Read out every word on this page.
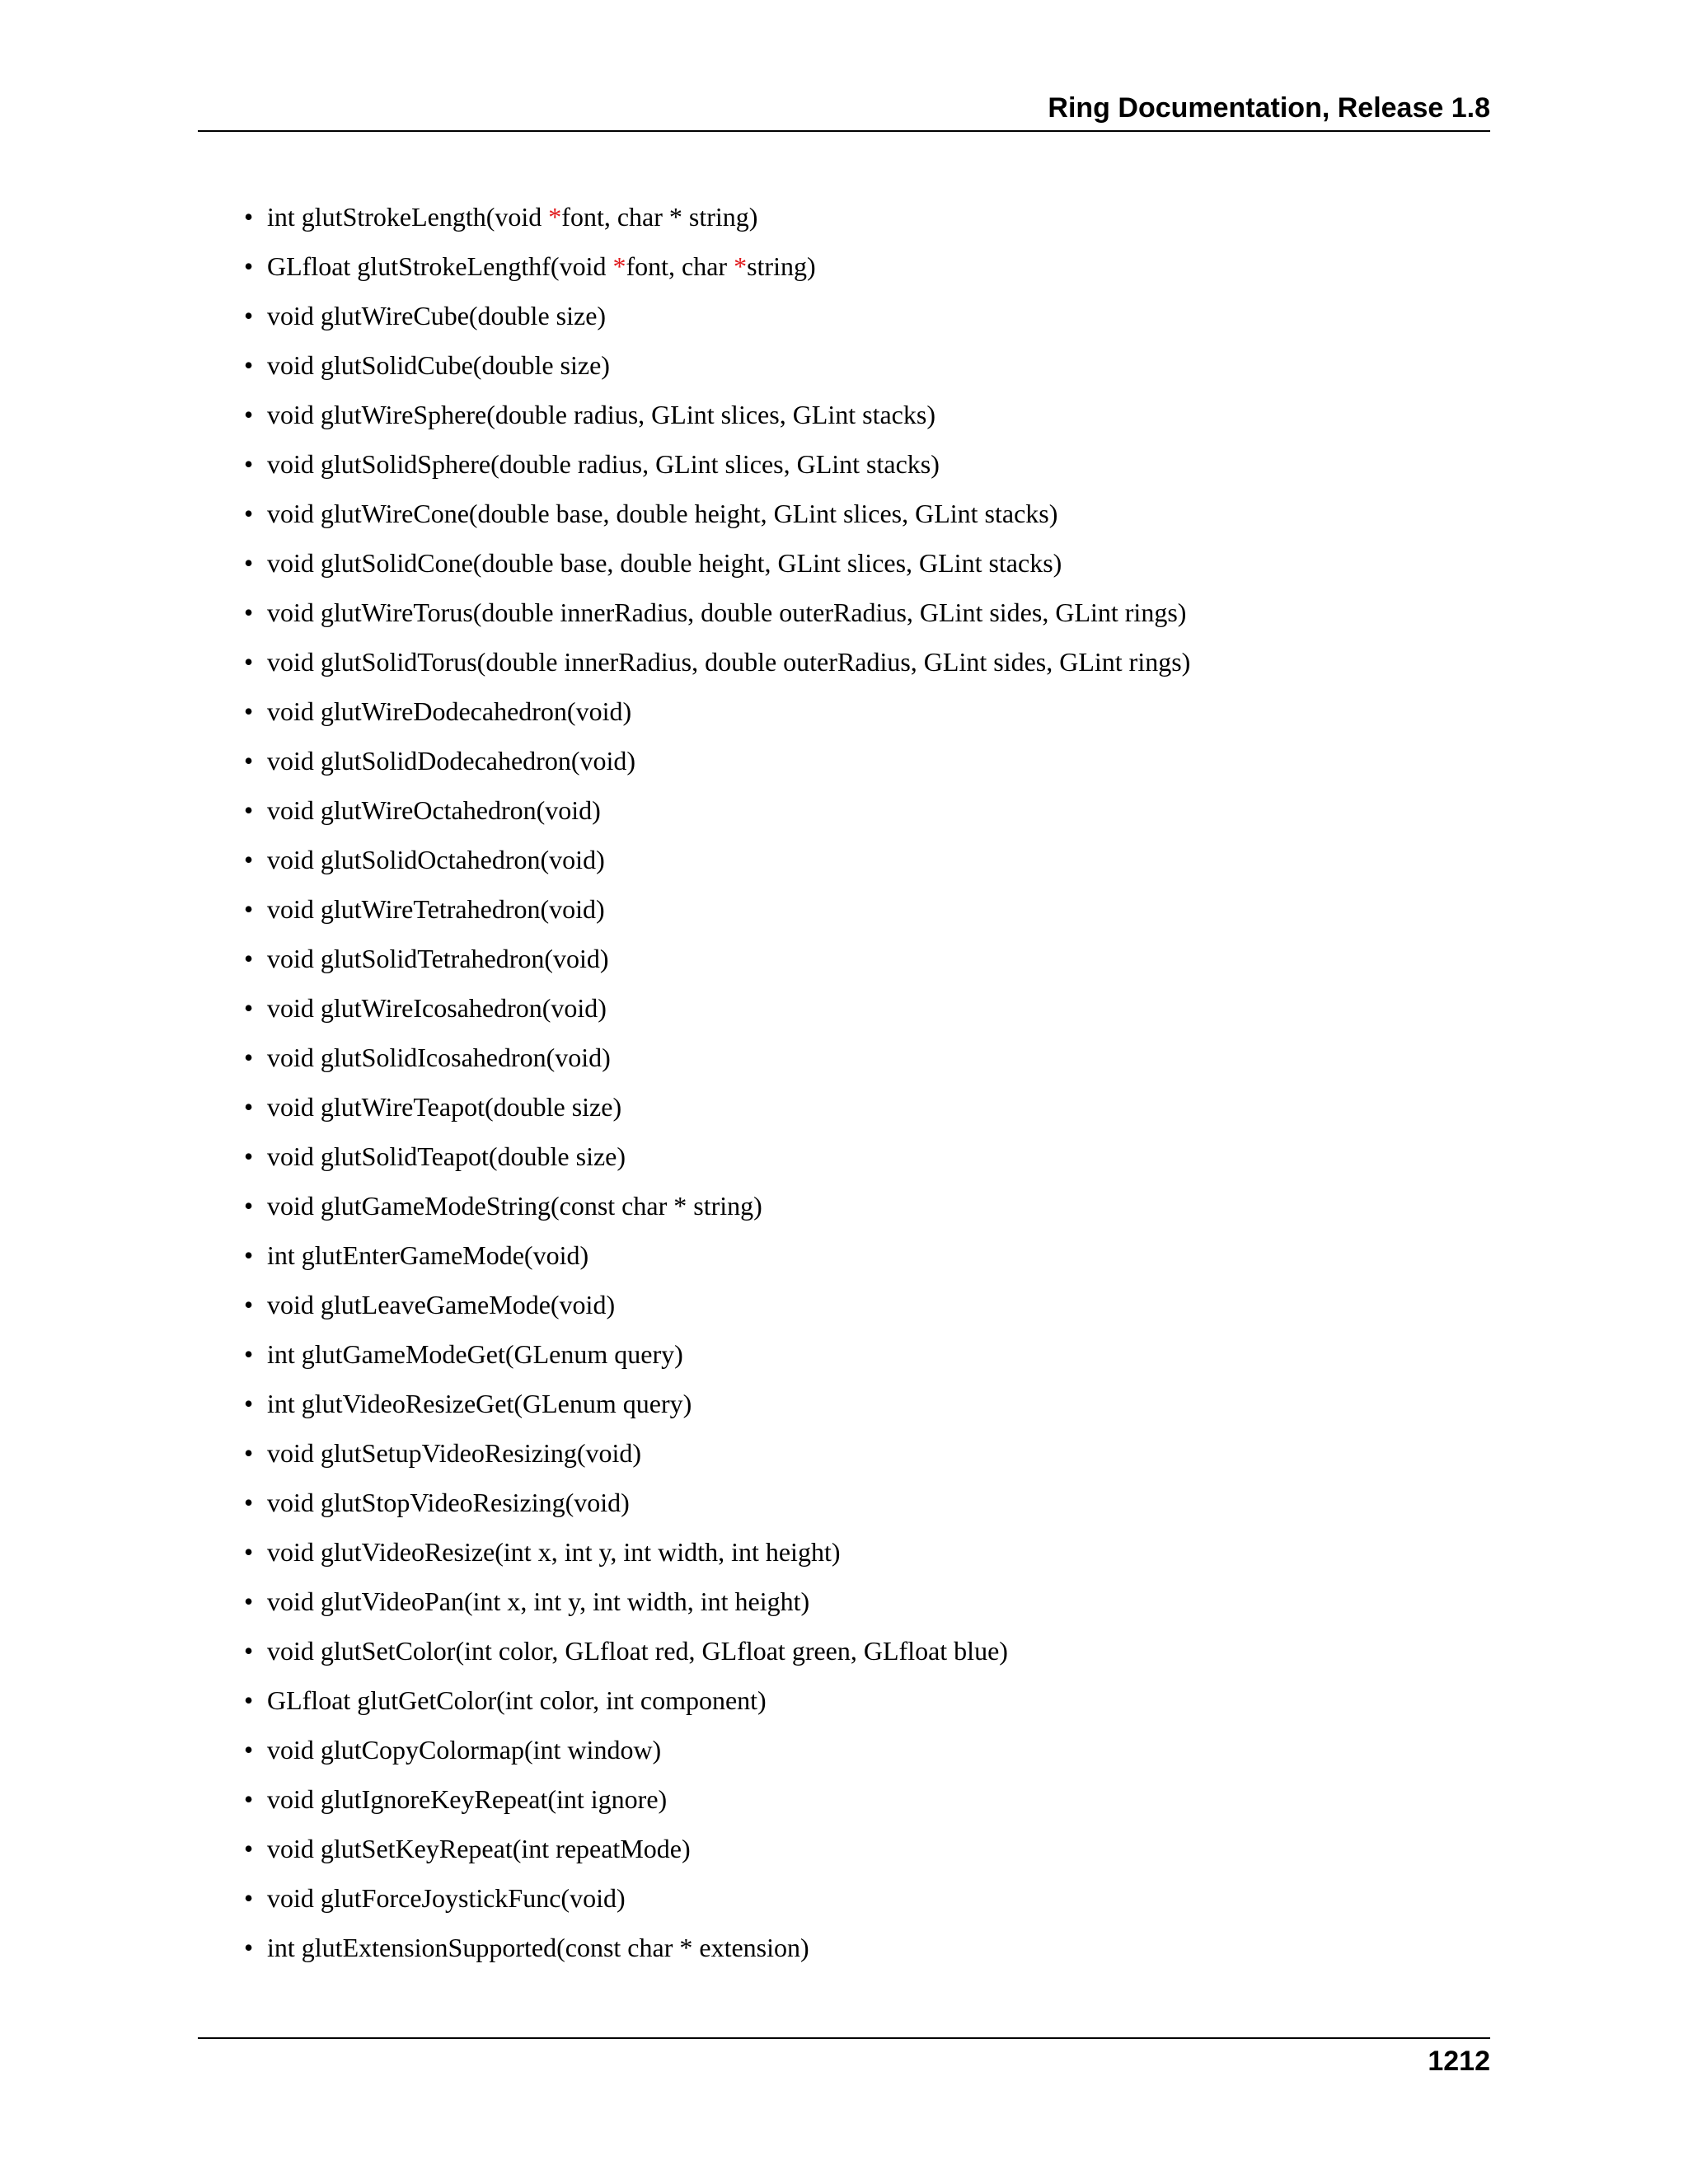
Ring Documentation, Release 1.8
• int glutStrokeLength(void *font, char * string)
• GLfloat glutStrokeLengthf(void *font, char *string)
• void glutWireCube(double size)
• void glutSolidCube(double size)
• void glutWireSphere(double radius, GLint slices, GLint stacks)
• void glutSolidSphere(double radius, GLint slices, GLint stacks)
• void glutWireCone(double base, double height, GLint slices, GLint stacks)
• void glutSolidCone(double base, double height, GLint slices, GLint stacks)
• void glutWireTorus(double innerRadius, double outerRadius, GLint sides, GLint rings)
• void glutSolidTorus(double innerRadius, double outerRadius, GLint sides, GLint rings)
• void glutWireDodecahedron(void)
• void glutSolidDodecahedron(void)
• void glutWireOctahedron(void)
• void glutSolidOctahedron(void)
• void glutWireTetrahedron(void)
• void glutSolidTetrahedron(void)
• void glutWireIcosahedron(void)
• void glutSolidIcosahedron(void)
• void glutWireTeapot(double size)
• void glutSolidTeapot(double size)
• void glutGameModeString(const char * string)
• int glutEnterGameMode(void)
• void glutLeaveGameMode(void)
• int glutGameModeGet(GLenum query)
• int glutVideoResizeGet(GLenum query)
• void glutSetupVideoResizing(void)
• void glutStopVideoResizing(void)
• void glutVideoResize(int x, int y, int width, int height)
• void glutVideoPan(int x, int y, int width, int height)
• void glutSetColor(int color, GLfloat red, GLfloat green, GLfloat blue)
• GLfloat glutGetColor(int color, int component)
• void glutCopyColormap(int window)
• void glutIgnoreKeyRepeat(int ignore)
• void glutSetKeyRepeat(int repeatMode)
• void glutForceJoystickFunc(void)
• int glutExtensionSupported(const char * extension)
1212
